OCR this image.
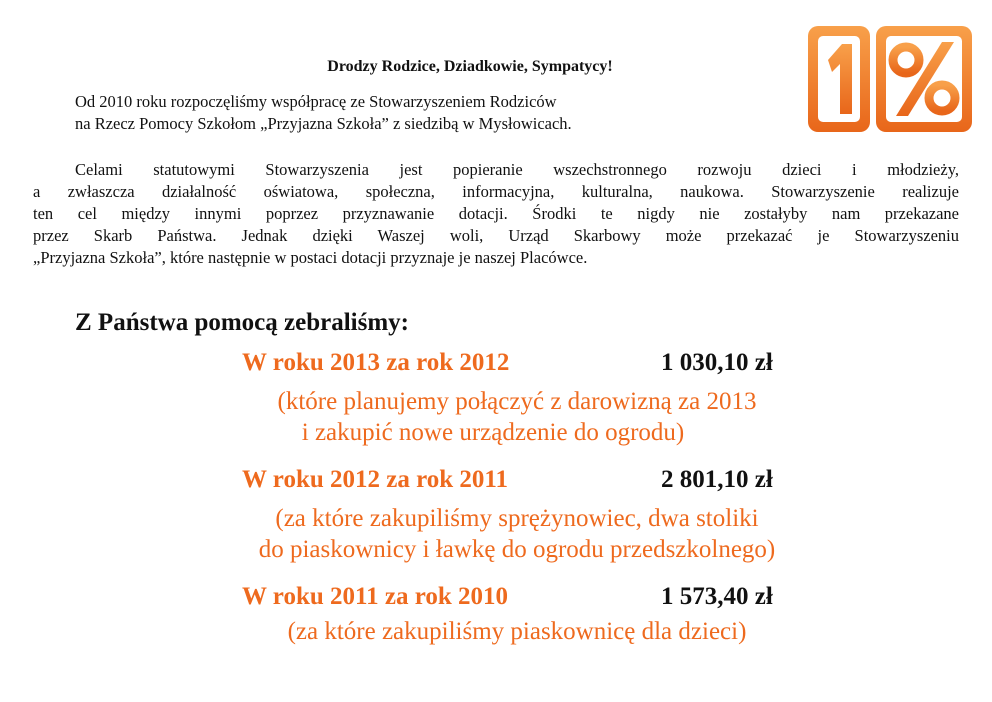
Drodzy Rodzice, Dziadkowie, Sympatycy!
Od 2010 roku rozpoczęliśmy współpracę ze Stowarzyszeniem Rodziców
na Rzecz Pomocy Szkołom „Przyjazna Szkoła” z siedzibą w Mysłowicach.
Celami statutowymi Stowarzyszenia jest popieranie wszechstronnego rozwoju dzieci i młodzieży,
a zwłaszcza działalność oświatowa, społeczna, informacyjna, kulturalna, naukowa. Stowarzyszenie realizuje
ten cel między innymi poprzez przyznawanie dotacji. Środki te nigdy nie zostałyby nam przekazane
przez Skarb Państwa. Jednak dzięki Waszej woli, Urząd Skarbowy może przekazać je Stowarzyszeniu
„Przyjazna Szkoła”, które następnie w postaci dotacji przyznaje je naszej Placówce.
Z Państwa pomocą zebraliśmy:
W roku 2013 za rok 2012	1 030,10 zł
(które planujemy połączyć z darowizną za 2013
i zakupić nowe urządzenie do ogrodu)
W roku 2012 za rok 2011	2 801,10 zł
(za które zakupiliśmy sprężynowiec, dwa stoliki
do piaskownicy i ławkę do ogrodu przedszkolnego)
W roku 2011 za rok 2010	1 573,40 zł
(za które zakupiliśmy piaskownicę dla dzieci)
